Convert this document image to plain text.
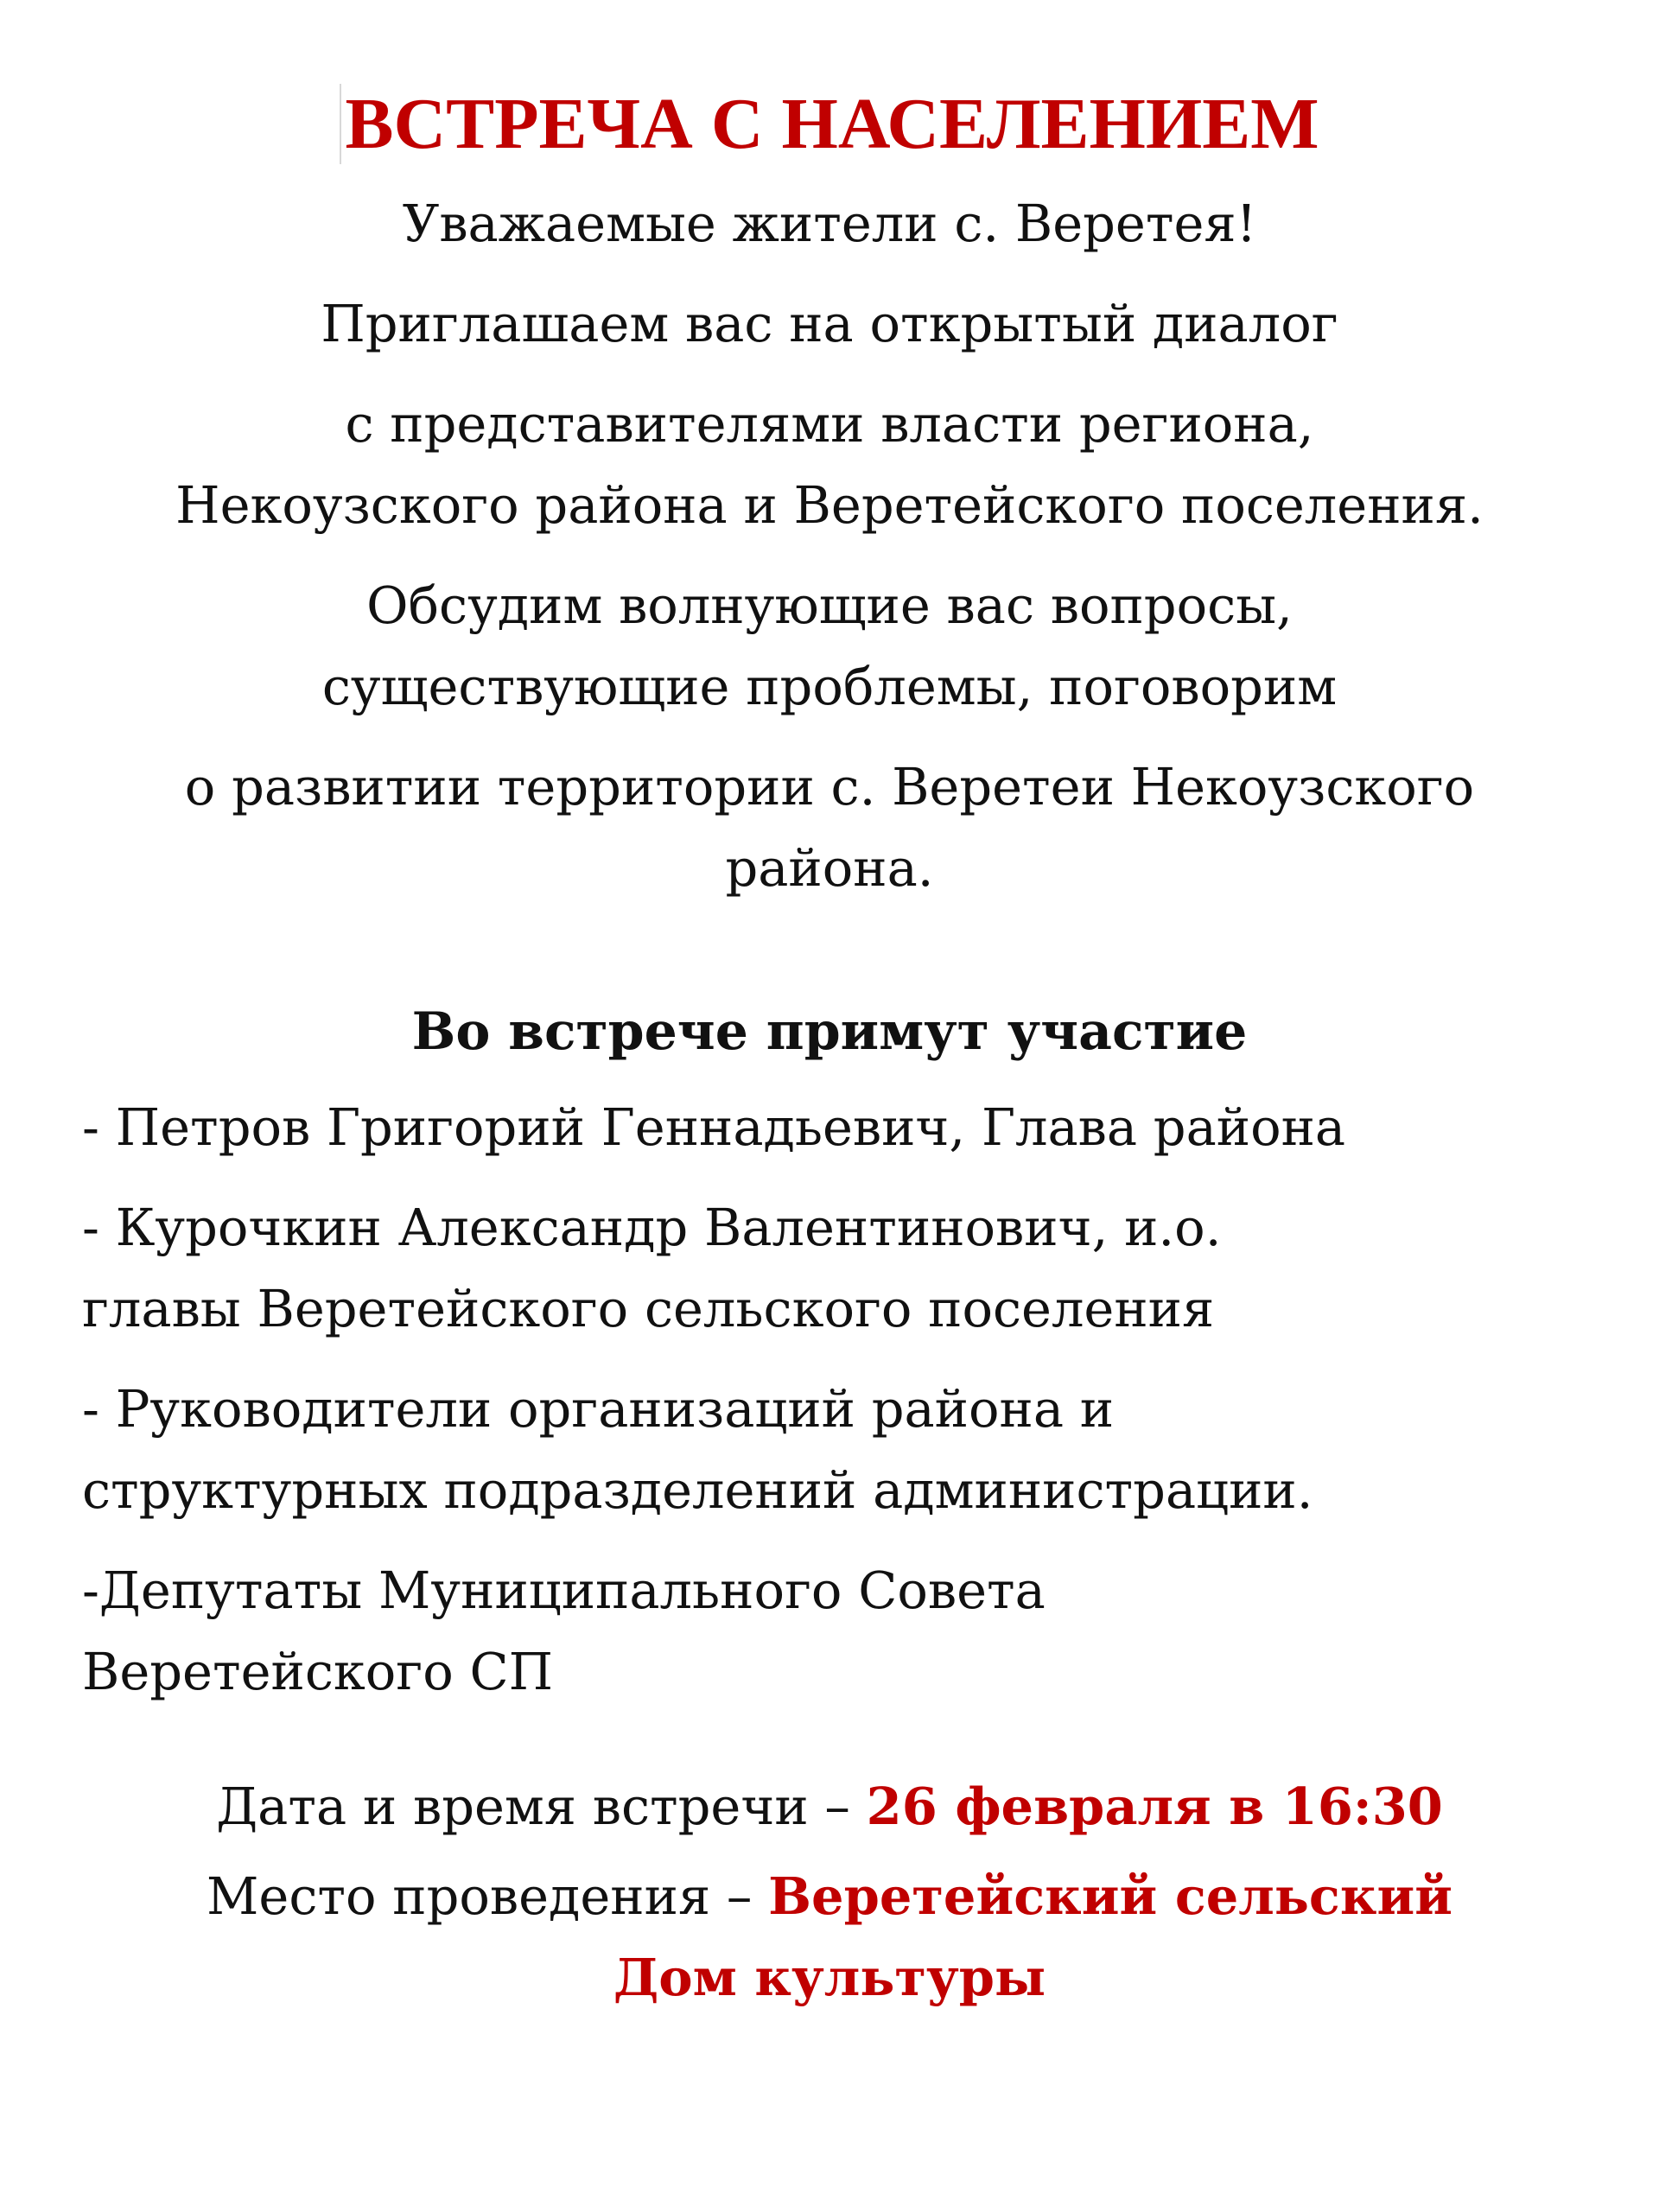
ВСТРЕЧА С НАСЕЛЕНИЕМ
Уважаемые жители с. Веретея!
Приглашаем вас на открытый диалог
с представителями власти региона,
Некоузского района и Веретейского поселения.
Обсудим волнующие вас вопросы,
существующие проблемы, поговорим
о развитии территории с. Веретеи Некоузского
района.
Во встрече примут участие
- Петров Григорий Геннадьевич, Глава района
- Курочкин Александр Валентинович, и.о.
главы Веретейского сельского поселения
- Руководители организаций района и
структурных подразделений администрации.
-Депутаты Муниципального Совета
Веретейского СП
Дата и время встречи – 26 февраля в 16:30
Место проведения – Веретейский сельский
Дом культуры
